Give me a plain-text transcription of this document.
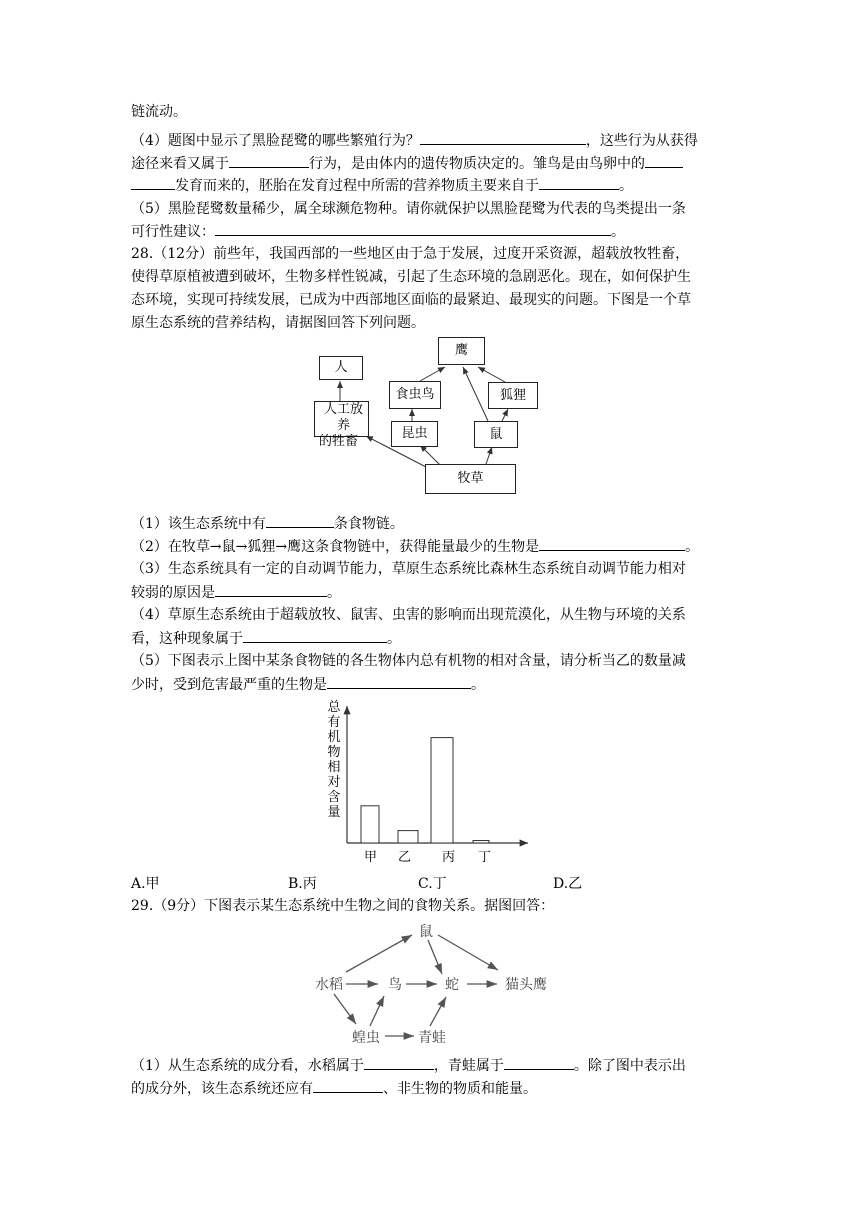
链流动。
（4）题图中显示了黑脸琵鹭的哪些繁殖行为？	，这些行为从获得
途径来看又属于	行为，是由体内的遗传物质决定的。雏鸟是由鸟卵中的
发育而来的，胚胎在发育过程中所需的营养物质主要来自于	。
（5）黑脸琵鹭数量稀少，属全球濒危物种。请你就保护以黑脸琵鹭为代表的鸟类提出一条
可行性建议：	。
28.（12分）前些年，我国西部的一些地区由于急于发展，过度开采资源，超载放牧牲畜，
使得草原植被遭到破坏，生物多样性锐减，引起了生态环境的急剧恶化。现在，如何保护生
态环境，实现可持续发展，已成为中西部地区面临的最紧迫、最现实的问题。下图是一个草
原生态系统的营养结构，请据图回答下列问题。
人
鹰
食虫鸟	狐狸
人工放养
的牲畜
昆虫	鼠
牧草
（1）该生态系统中有	条食物链。
（2）在牧草→鼠→狐狸→鹰这条食物链中，获得能量最少的生物是	。
（3）生态系统具有一定的自动调节能力，草原生态系统比森林生态系统自动调节能力相对
较弱的原因是	。
（4）草原生态系统由于超载放牧、鼠害、虫害的影响而出现荒漠化，从生物与环境的关系
看，这种现象属于	。
（5）下图表示上图中某条食物链的各生物体内总有机物的相对含量，请分析当乙的数量减
少时，受到危害最严重的生物是	。
总有机物相对含量
甲 乙 丙 丁
A.甲	B.丙	C.丁	D.乙
29.（9分）下图表示某生态系统中生物之间的食物关系。据图回答：
鼠
水稻	鸟	蛇	猫头鹰
蝗虫	青蛙
（1）从生态系统的成分看，水稻属于	，青蛙属于	。除了图中表示出
的成分外，该生态系统还应有	、非生物的物质和能量。
